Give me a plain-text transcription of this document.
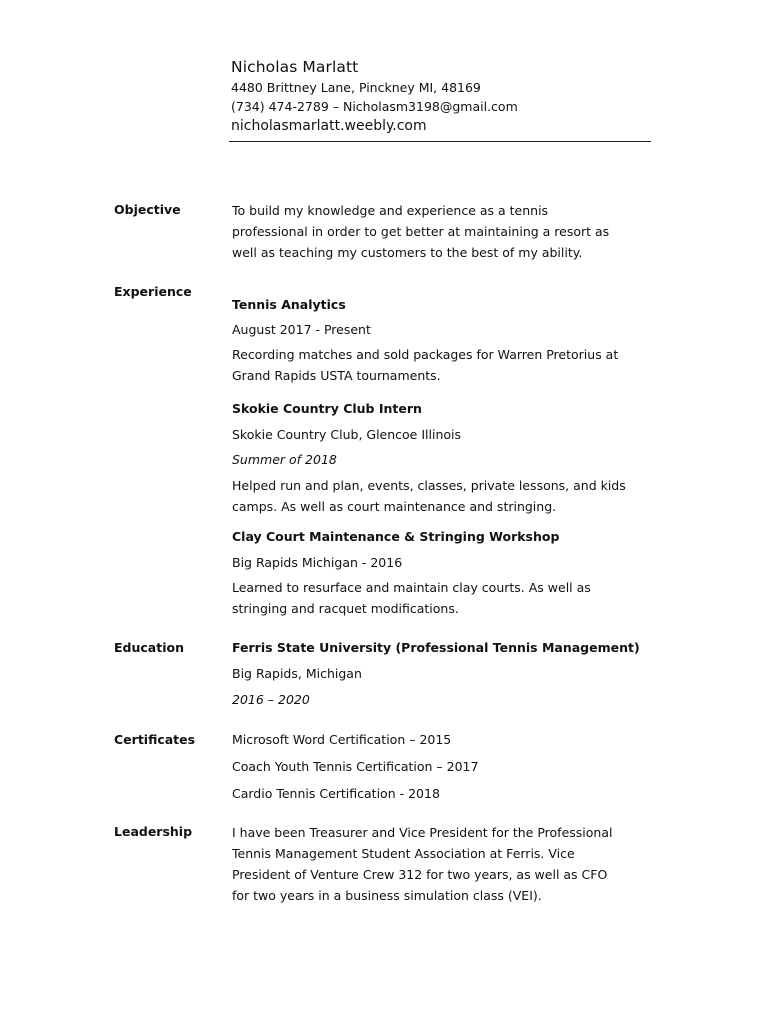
Nicholas Marlatt

4480 Brittney Lane, Pinckney MI, 48169

(734) 474-2789 – Nicholasm3198@gmail.com

nicholasmarlatt.weebly.com

Objective	To build my knowledge and experience as a tennis

professional in order to get better at maintaining a resort as

well as teaching my customers to the best of my ability.

Experience

Tennis Analytics

August 2017 - Present

Recording matches and sold packages for Warren Pretorius at

Grand Rapids USTA tournaments.

Skokie Country Club Intern

Skokie Country Club, Glencoe Illinois

Summer of 2018

Helped run and plan, events, classes, private lessons, and kids

camps. As well as court maintenance and stringing.

Clay Court Maintenance & Stringing Workshop

Big Rapids Michigan - 2016

Learned to resurface and maintain clay courts. As well as

stringing and racquet modifications.

Education	Ferris State University (Professional Tennis Management)

Big Rapids, Michigan

2016 – 2020

Certificates	Microsoft Word Certification – 2015

Coach Youth Tennis Certification – 2017

Cardio Tennis Certification - 2018

Leadership	I have been Treasurer and Vice President for the Professional

Tennis Management Student Association at Ferris. Vice

President of Venture Crew 312 for two years, as well as CFO

for two years in a business simulation class (VEI).
